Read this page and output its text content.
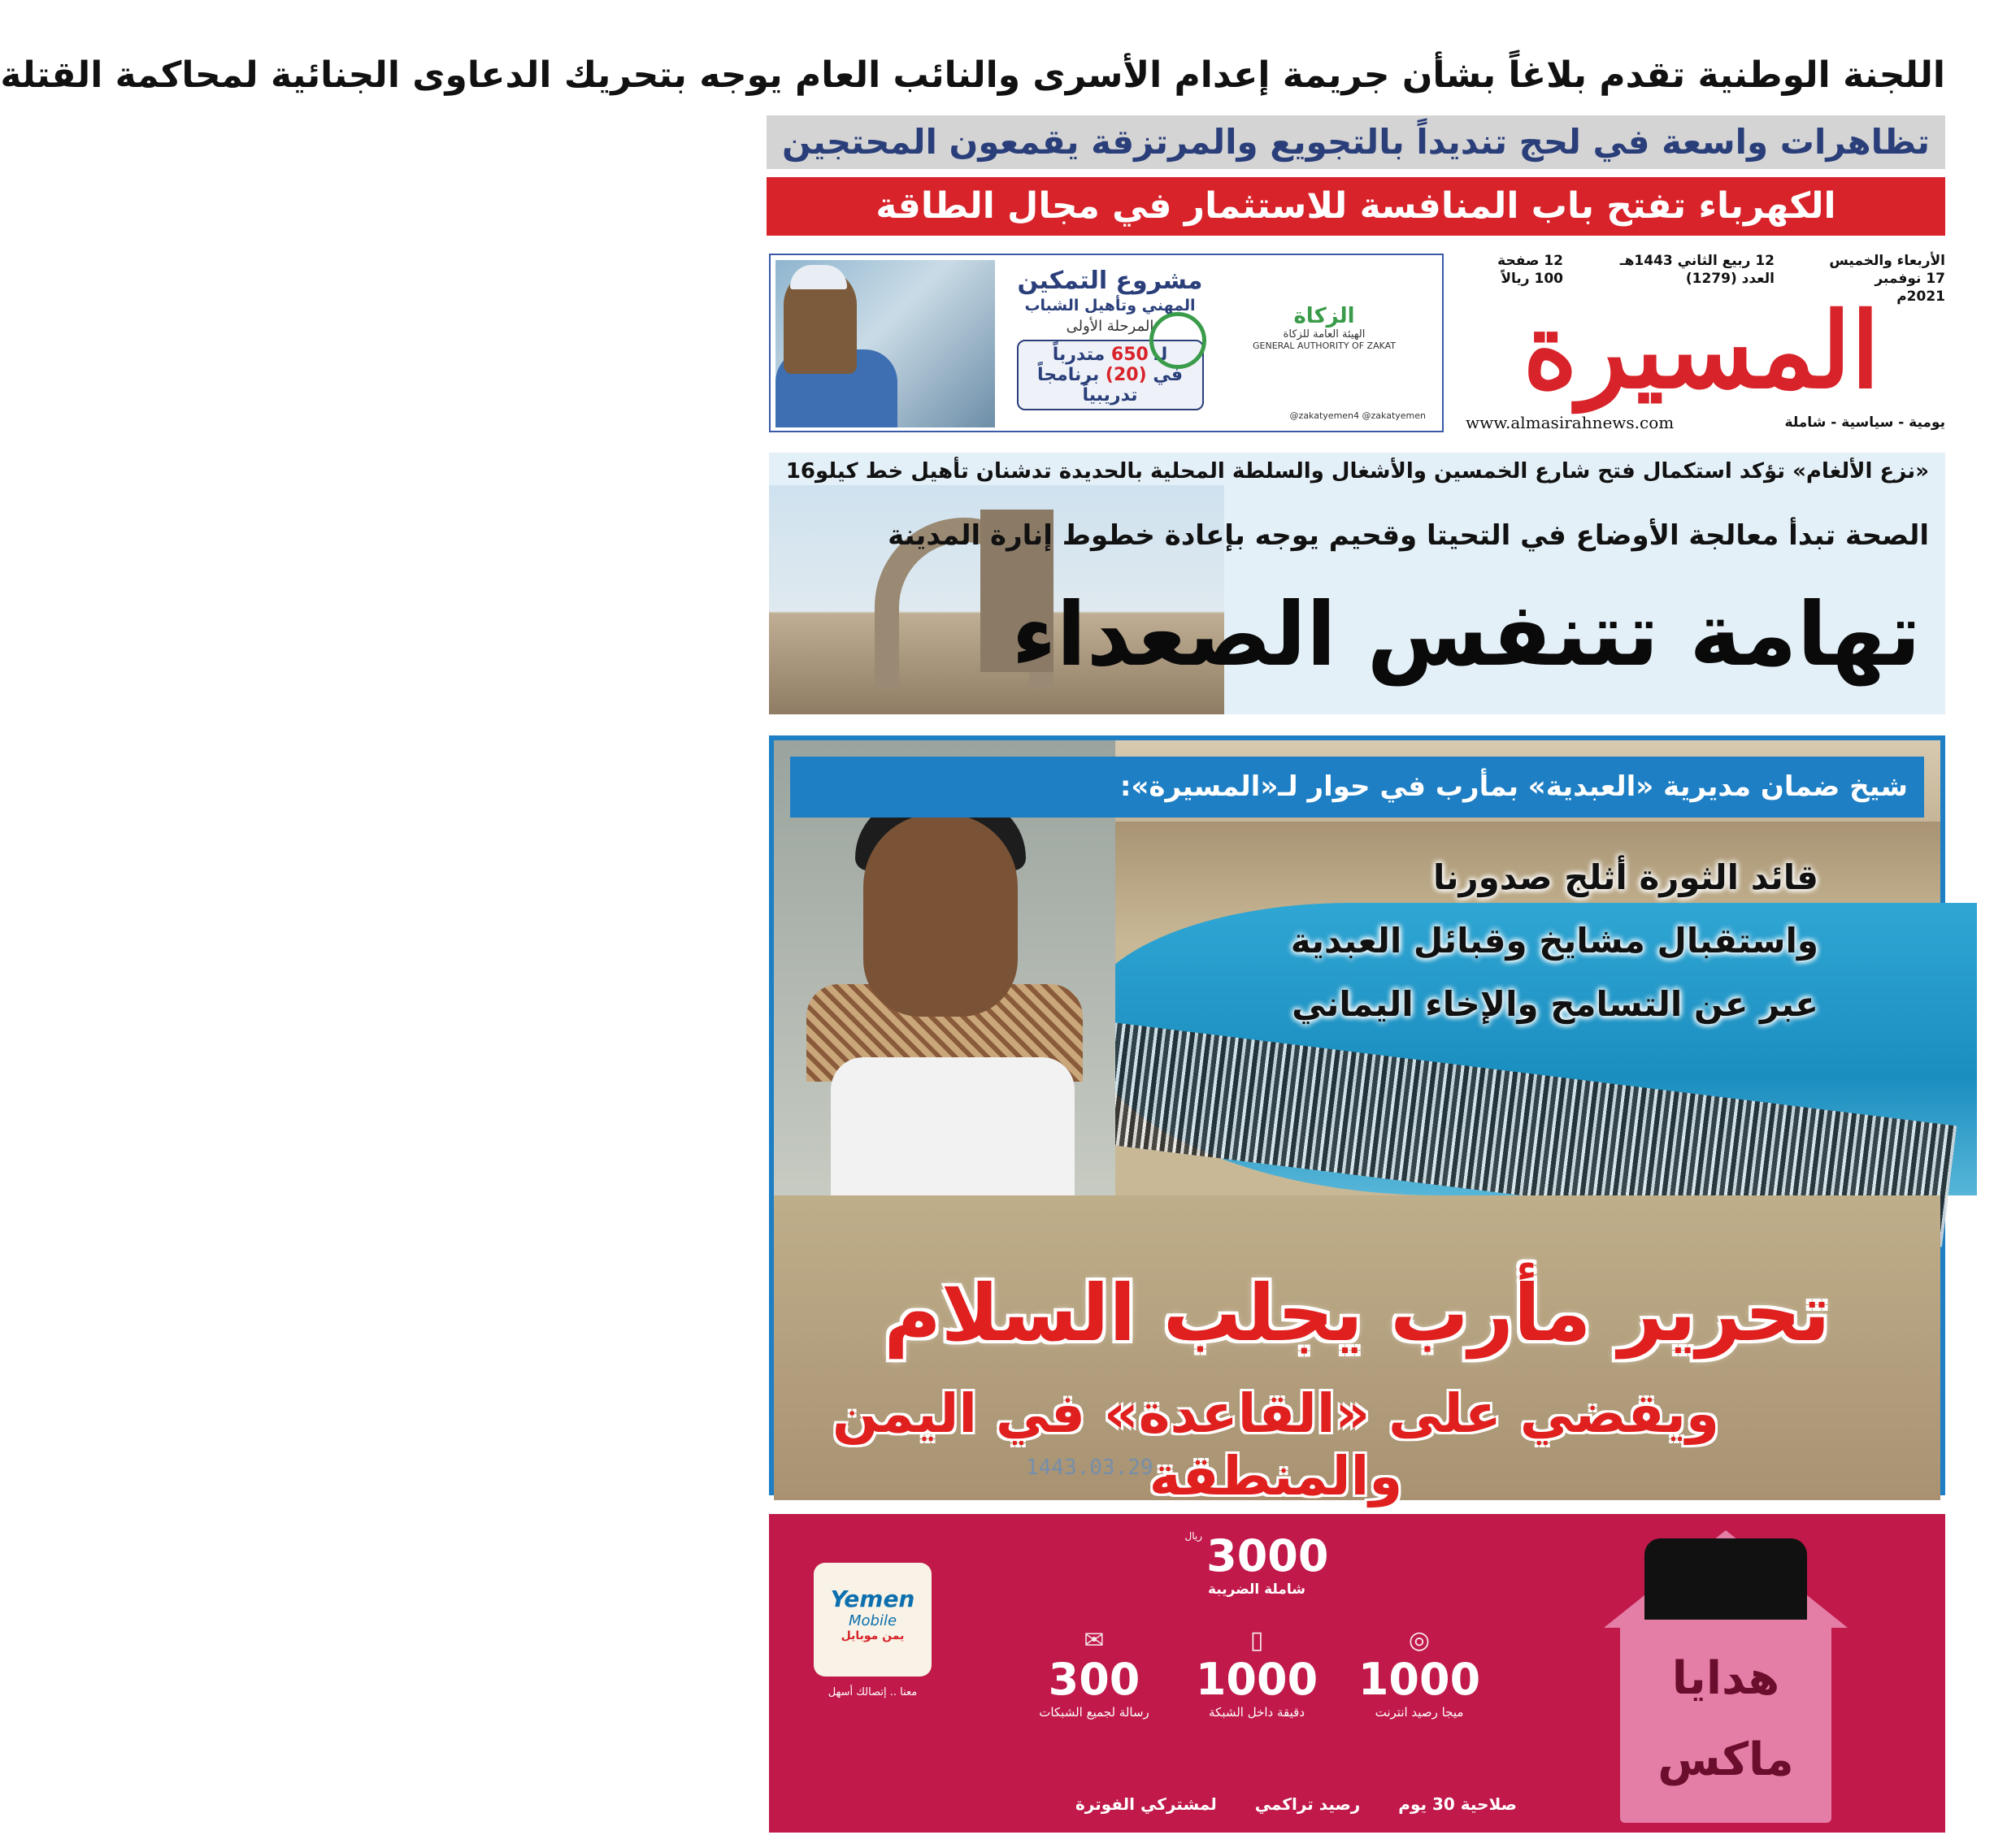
اللجنة الوطنية تقدم بلاغاً بشأن جريمة إعدام الأسرى والنائب العام يوجه بتحريك الدعاوى الجنائية لمحاكمة القتلة
تظاهرات واسعة في لحج تنديداً بالتجويع والمرتزقة يقمعون المحتجين
الكهرباء تفتح باب المنافسة للاستثمار في مجال الطاقة
الأربعاء والخميس
17 نوفمبر 2021م
12 ربيع الثاني 1443هـ
العدد (1279)
12 صفحة
100 ريالاً
المسيرة
يومية - سياسية - شاملة
www.almasirahnews.com
مشروع التمكين
المهني وتأهيل الشباب
المرحلة الأولى
لـ 650 متدرباً
في (20) برنامجاً
تدريبياً
الزكاة
الهيئة العامة للزكاة
GENERAL AUTHORITY OF ZAKAT
@zakatyemen4 @zakatyemen
«نزع الألغام» تؤكد استكمال فتح شارع الخمسين والأشغال والسلطة المحلية بالحديدة تدشنان تأهيل خط كيلو16
الصحة تبدأ معالجة الأوضاع في التحيتا وقحيم يوجه بإعادة خطوط إنارة المدينة
تهامة تتنفس الصعداء
شيخ ضمان مديرية «العبدية» بمأرب في حوار لـ«المسيرة»:
قائد الثورة أثلج صدورنا
واستقبال مشايخ وقبائل العبدية
عبر عن التسامح والإخاء اليماني
تحرير مأرب يجلب السلام
ويقضي على «القاعدة» في اليمن والمنطقة
1443.03.29
هدايا
ماكس
3000 $^{ريال}$
شاملة الضريبة
◎
1000
ميجا رصيد انترنت
▯
1000
دقيقة داخل الشبكة
✉
300
رسالة لجميع الشبكات
صلاحية 30 يوم رصيد تراكمي لمشتركي الفوترة
Yemen
Mobile
يمن موبايل
معنا .. إتصالك أسهل
